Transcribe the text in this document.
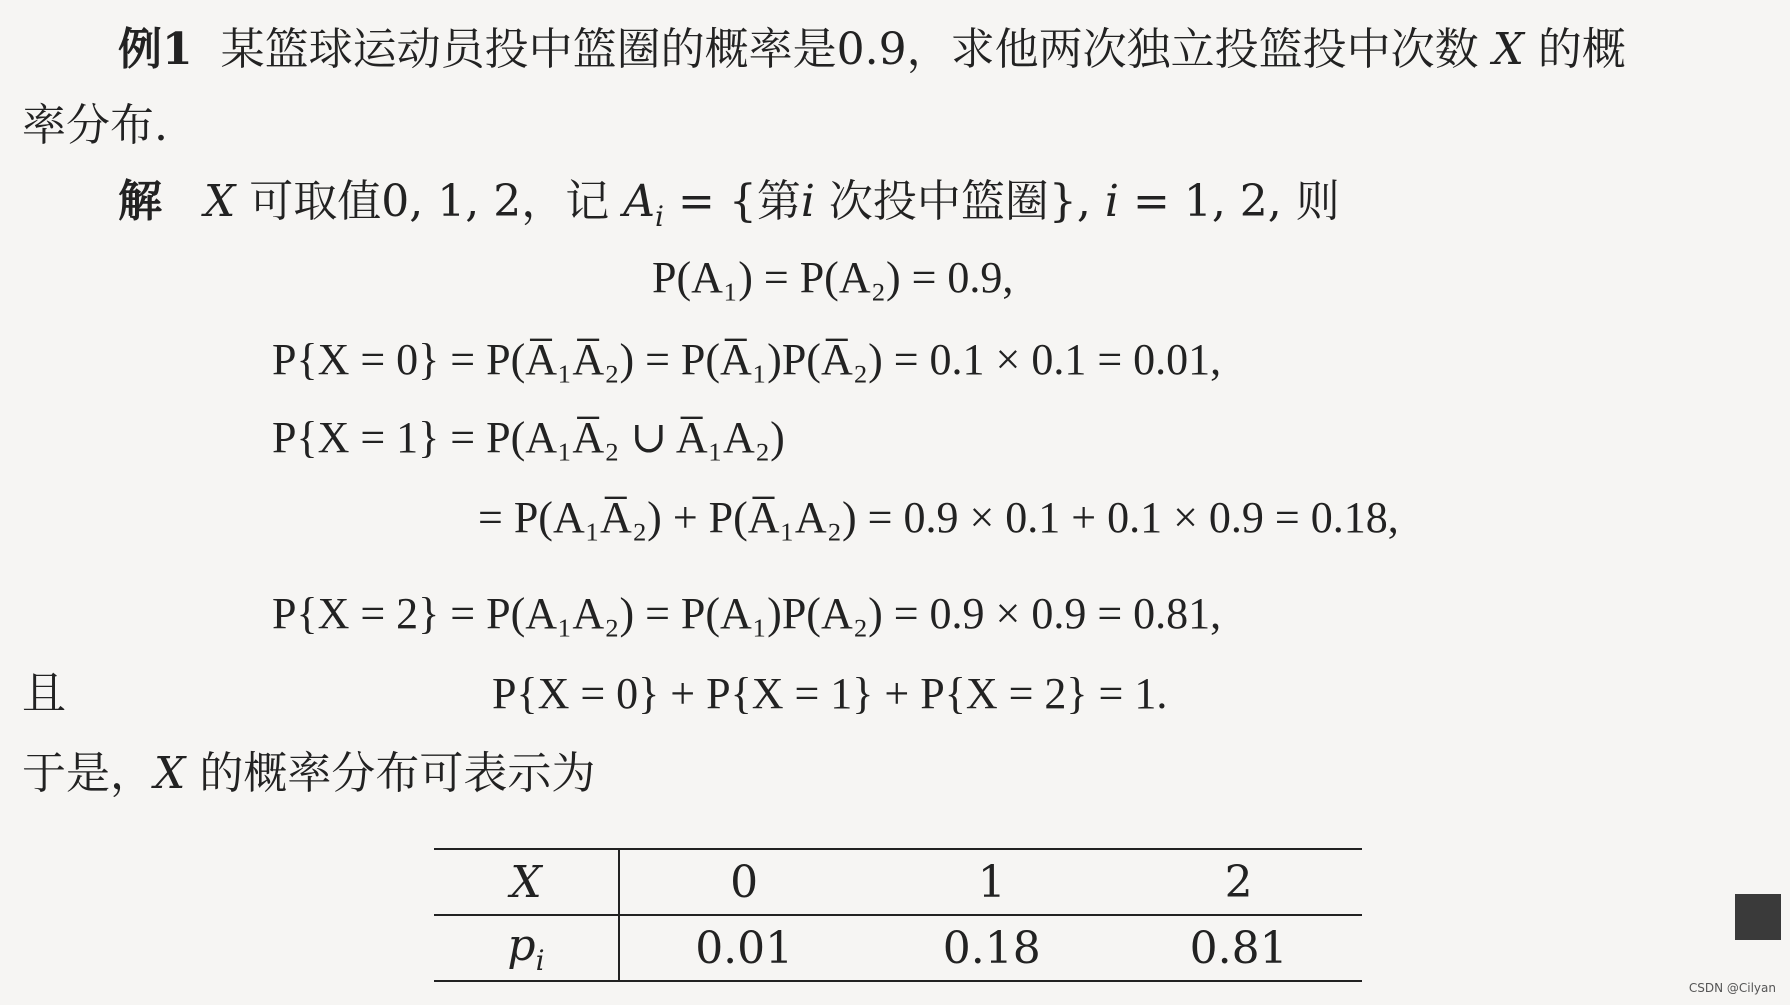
例1 某篮球运动员投中篮圈的概率是0.9，求他两次独立投篮投中次数 X 的概
率分布.
解 X 可取值0, 1, 2，记 $A_i$ = {第i 次投中篮圈}, i = 1, 2, 则
P(A₁) = P(A₂) = 0.9,
P{X = 0} = P(A̅₁A̅₂) = P(A̅₁)P(A̅₂) = 0.1 × 0.1 = 0.01,
P{X = 1} = P(A₁A̅₂ ∪ A̅₁A₂)
= P(A₁A̅₂) + P(A̅₁A₂) = 0.9 × 0.1 + 0.1 × 0.9 = 0.18,
P{X = 2} = P(A₁A₂) = P(A₁)P(A₂) = 0.9 × 0.9 = 0.81,
且	P{X = 0} + P{X = 1} + P{X = 2} = 1.
于是，X 的概率分布可表示为
X	0	1	2
$p_i$	0.01	0.18	0.81
CSDN @Cilyan
